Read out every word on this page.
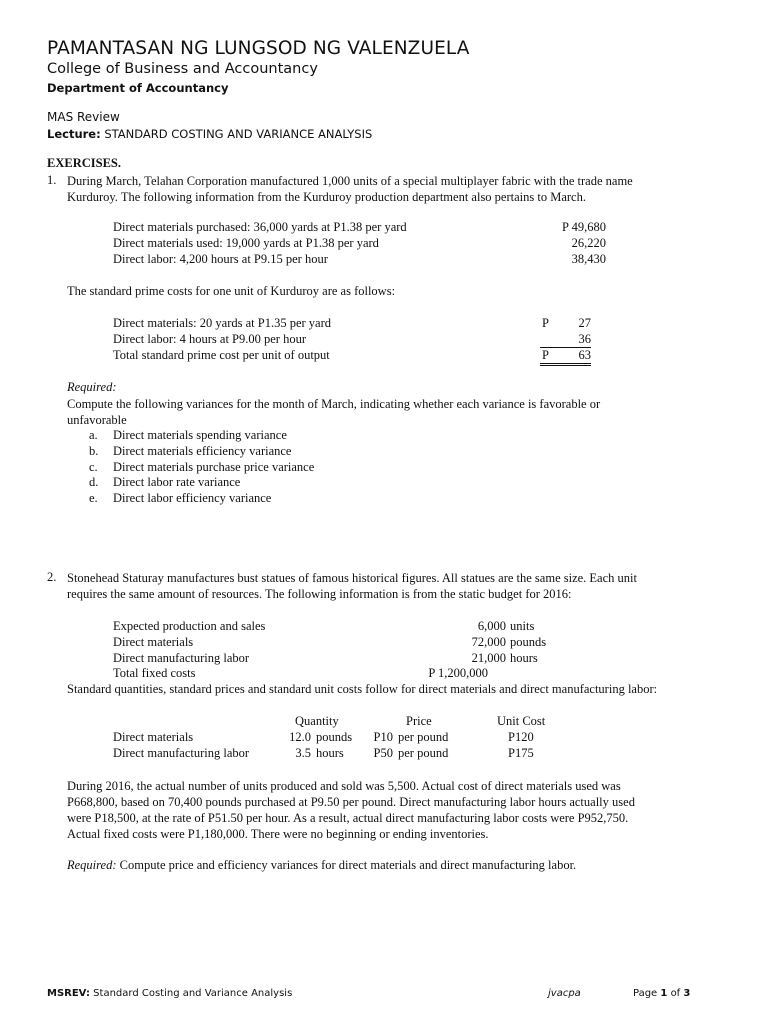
PAMANTASAN NG LUNGSOD NG VALENZUELA
College of Business and Accountancy
Department of Accountancy
MAS Review
Lecture: STANDARD COSTING AND VARIANCE ANALYSIS
EXERCISES.
1. During March, Telahan Corporation manufactured 1,000 units of a special multiplayer fabric with the trade name
Kurduroy. The following information from the Kurduroy production department also pertains to March.
Direct materials purchased: 36,000 yards at P1.38 per yard	P 49,680
Direct materials used: 19,000 yards at P1.38 per yard	26,220
Direct labor: 4,200 hours at P9.15 per hour	38,430
The standard prime costs for one unit of Kurduroy are as follows:
Direct materials: 20 yards at P1.35 per yard	P	27
Direct labor: 4 hours at P9.00 per hour	36
Total standard prime cost per unit of output	P 63
Required:
Compute the following variances for the month of March, indicating whether each variance is favorable or
unfavorable
a. Direct materials spending variance
b. Direct materials efficiency variance
c. Direct materials purchase price variance
d. Direct labor rate variance
e. Direct labor efficiency variance
2. Stonehead Staturay manufactures bust statues of famous historical figures. All statues are the same size. Each unit
requires the same amount of resources. The following information is from the static budget for 2016:
Expected production and sales	6,000 units
Direct materials	72,000 pounds
Direct manufacturing labor	21,000 hours
Total fixed costs	P 1,200,000
Standard quantities, standard prices and standard unit costs follow for direct materials and direct manufacturing labor:
Quantity	Price	Unit Cost
Direct materials	12.0 pounds	P10 per pound	P120
Direct manufacturing labor	3.5 hours	P50 per pound	P175
During 2016, the actual number of units produced and sold was 5,500. Actual cost of direct materials used was
P668,800, based on 70,400 pounds purchased at P9.50 per pound. Direct manufacturing labor hours actually used
were P18,500, at the rate of P51.50 per hour. As a result, actual direct manufacturing labor costs were P952,750.
Actual fixed costs were P1,180,000. There were no beginning or ending inventories.
Required: Compute price and efficiency variances for direct materials and direct manufacturing labor.
MSREV: Standard Costing and Variance Analysis	jvacpa	Page 1 of 3
